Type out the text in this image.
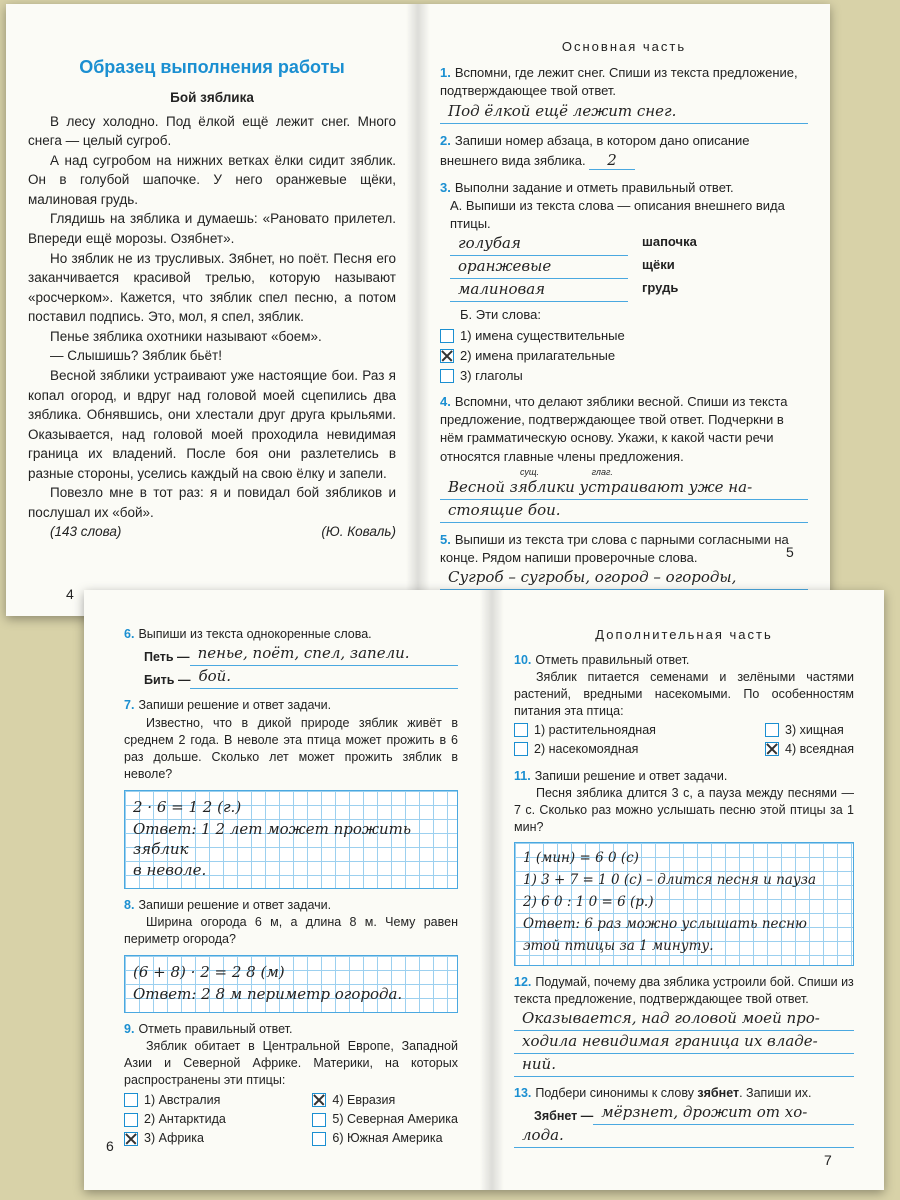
Образец выполнения работы
Бой зяблика

В лесу холодно. Под ёлкой ещё лежит снег. Много снега — целый сугроб.

А над сугробом на нижних ветках ёлки сидит зяблик. Он в голубой шапочке. У него оранжевые щёки, малиновая грудь.

Глядишь на зяблика и думаешь: «Рановато прилетел. Впереди ещё морозы. Озябнет».

Но зяблик не из трусливых. Зябнет, но поёт. Песня его заканчивается красивой трелью, которую называют «росчерком». Кажется, что зяблик спел песню, а потом поставил подпись. Это, мол, я спел, зяблик.

Пенье зяблика охотники называют «боем».

— Слышишь? Зяблик бьёт!

Весной зяблики устраивают уже настоящие бои. Раз я копал огород, и вдруг над головой моей сцепились два зяблика. Обнявшись, они хлестали друг друга крыльями. Оказывается, над головой моей проходила невидимая граница их владений. После боя они разлетелись в разные стороны, уселись каждый на свою ёлку и запели.

Повезло мне в тот раз: я и повидал бой зябликов и послушал их «бой».

(143 слова)	(Ю. Коваль)
4
Основная часть
1. Вспомни, где лежит снег. Спиши из текста предложение, подтверждающее твой ответ.
Под ёлкой ещё лежит снег.
2. Запиши номер абзаца, в котором дано описание внешнего вида зяблика. 2
3. Выполни задание и отметь правильный ответ.
А. Выпиши из текста слова — описания внешнего вида птицы.
голубая	шапочка
оранжевые	щёки
малиновая	грудь
Б. Эти слова:
1) имена существительные
2) имена прилагательные
3) глаголы
4. Вспомни, что делают зяблики весной. Спиши из текста предложение, подтверждающее твой ответ. Подчеркни в нём грамматическую основу. Укажи, к какой части речи относятся главные члены предложения.
сущ.	глаг.
Весной зяблики устраивают уже на-
стоящие бои.
5. Выпиши из текста три слова с парными согласными на конце. Рядом напиши проверочные слова.
Сугроб – сугробы, огород – огороды,
5
6. Выпиши из текста однокоренные слова.
Петь — пенье, поёт, спел, запели.
Бить — бой.
7. Запиши решение и ответ задачи.

Известно, что в дикой природе зяблик живёт в среднем 2 года. В неволе эта птица может прожить в 6 раз дольше. Сколько лет может прожить зяблик в неволе?

2 · 6 = 1 2 (г.)
Ответ: 1 2 лет может прожить зяблик
в неволе.
8. Запиши решение и ответ задачи.

Ширина огорода 6 м, а длина 8 м. Чему равен периметр огорода?

(6 + 8) · 2 = 2 8 (м)
Ответ: 2 8 м периметр огорода.
9. Отметь правильный ответ.

Зяблик обитает в Центральной Европе, Западной Азии и Северной Африке. Материки, на которых распространены эти птицы:

1) Австралия
2) Антарктида
3) Африка
4) Евразия
5) Северная Америка
6) Южная Америка
6
Дополнительная часть
10. Отметь правильный ответ.

Зяблик питается семенами и зелёными частями растений, вредными насекомыми. По особенностям питания эта птица:

1) растительноядная
2) насекомоядная
3) хищная
4) всеядная
11. Запиши решение и ответ задачи.

Песня зяблика длится 3 с, а пауза между песнями — 7 с. Сколько раз можно услышать песню этой птицы за 1 мин?

1 (мин) = 6 0 (с)
1) 3 + 7 = 1 0 (с) – длится песня и пауза
2) 6 0 : 1 0 = 6 (р.)
Ответ: 6 раз можно услышать песню
этой птицы за 1 минуту.
12. Подумай, почему два зяблика устроили бой. Спиши из текста предложение, подтверждающее твой ответ.
Оказывается, над головой моей про-
ходила невидимая граница их владе-
ний.
13. Подбери синонимы к слову зябнет. Запиши их.
Зябнет — мёрзнет, дрожит от хо-
лода.
7
